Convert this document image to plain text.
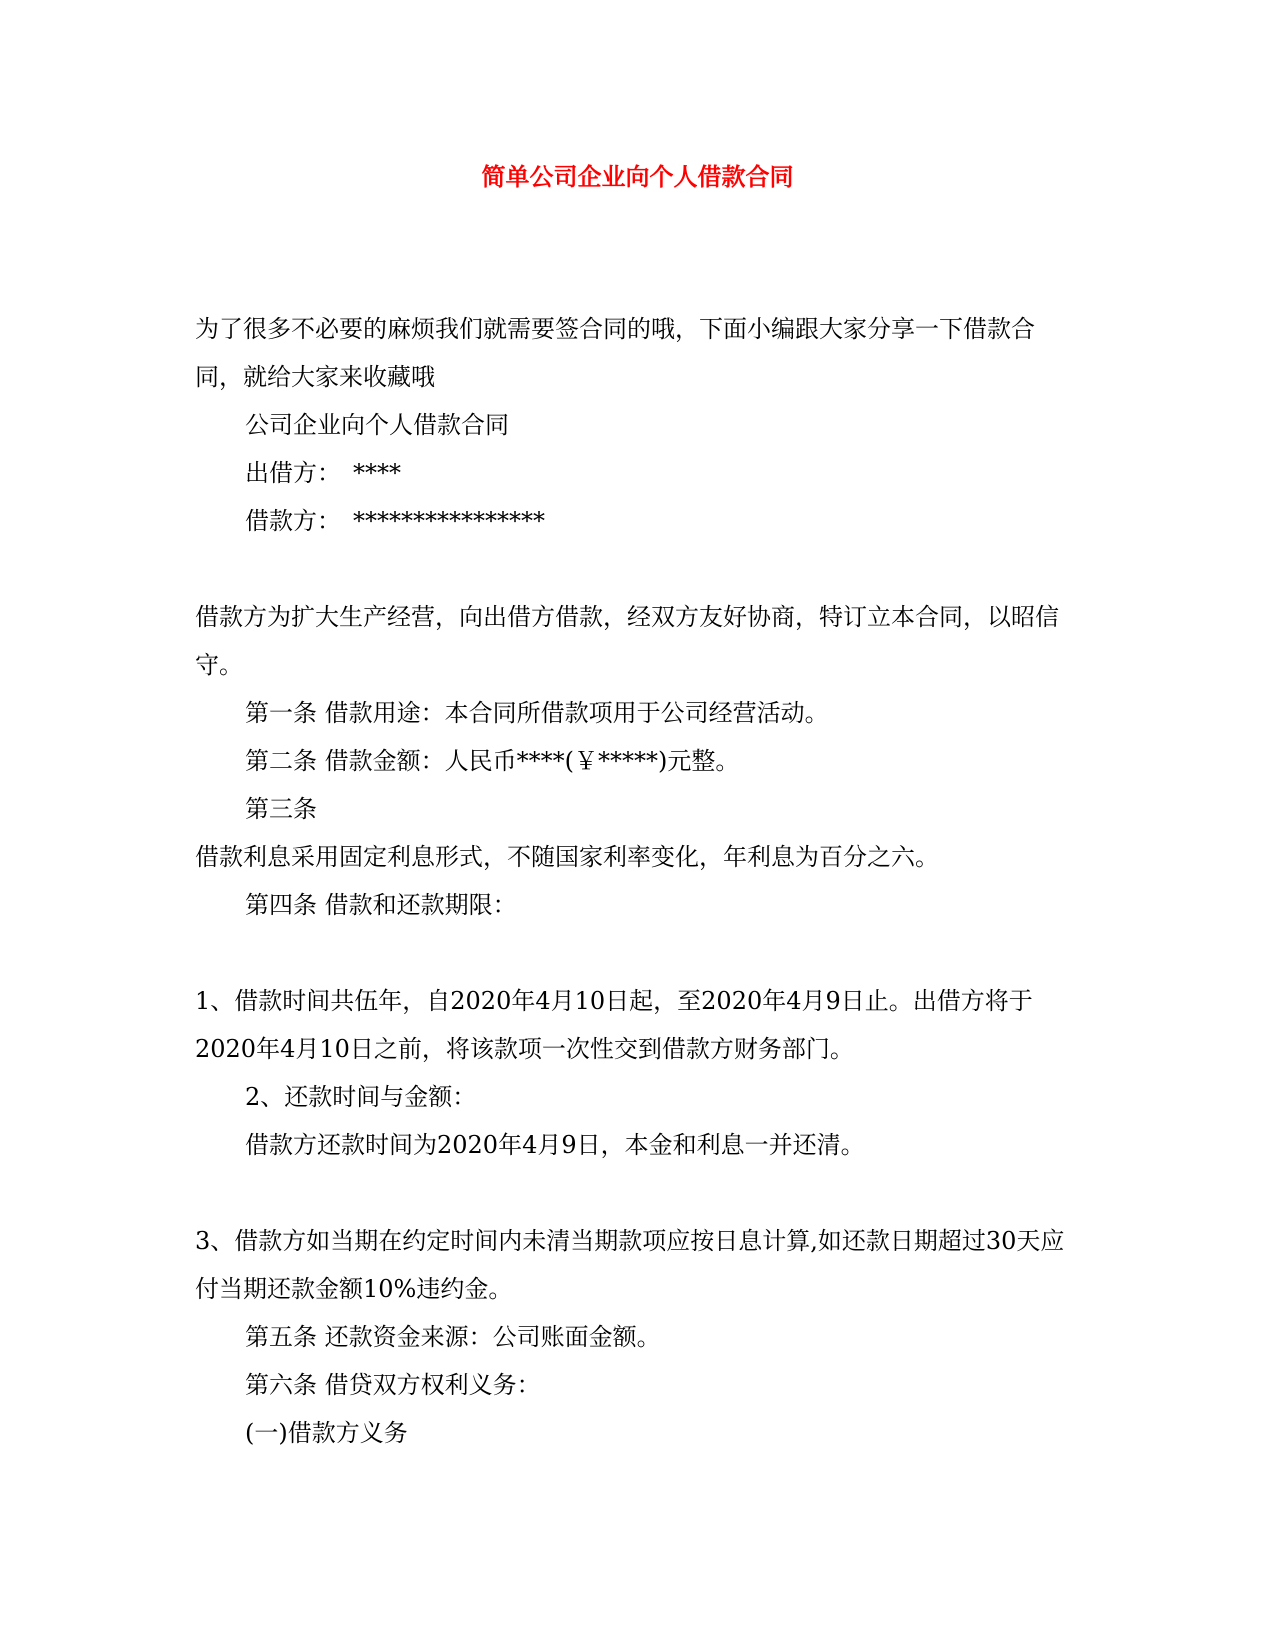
简单公司企业向个人借款合同

为了很多不必要的麻烦我们就需要签合同的哦，下面小编跟大家分享一下借款合同，就给大家来收藏哦

公司企业向个人借款合同

出借方： ****

借款方： ****************

借款方为扩大生产经营，向出借方借款，经双方友好协商，特订立本合同，以昭信守。

第一条 借款用途：本合同所借款项用于公司经营活动。

第二条 借款金额：人民币****(￥*****)元整。

第三条

借款利息采用固定利息形式，不随国家利率变化，年利息为百分之六。

第四条 借款和还款期限：

1、借款时间共伍年，自2020年4月10日起，至2020年4月9日止。出借方将于2020年4月10日之前，将该款项一次性交到借款方财务部门。

2、还款时间与金额：

借款方还款时间为2020年4月9日，本金和利息一并还清。

3、借款方如当期在约定时间内未清当期款项应按日息计算,如还款日期超过30天应付当期还款金额10%违约金。

第五条 还款资金来源：公司账面金额。

第六条 借贷双方权利义务：

(一)借款方义务
